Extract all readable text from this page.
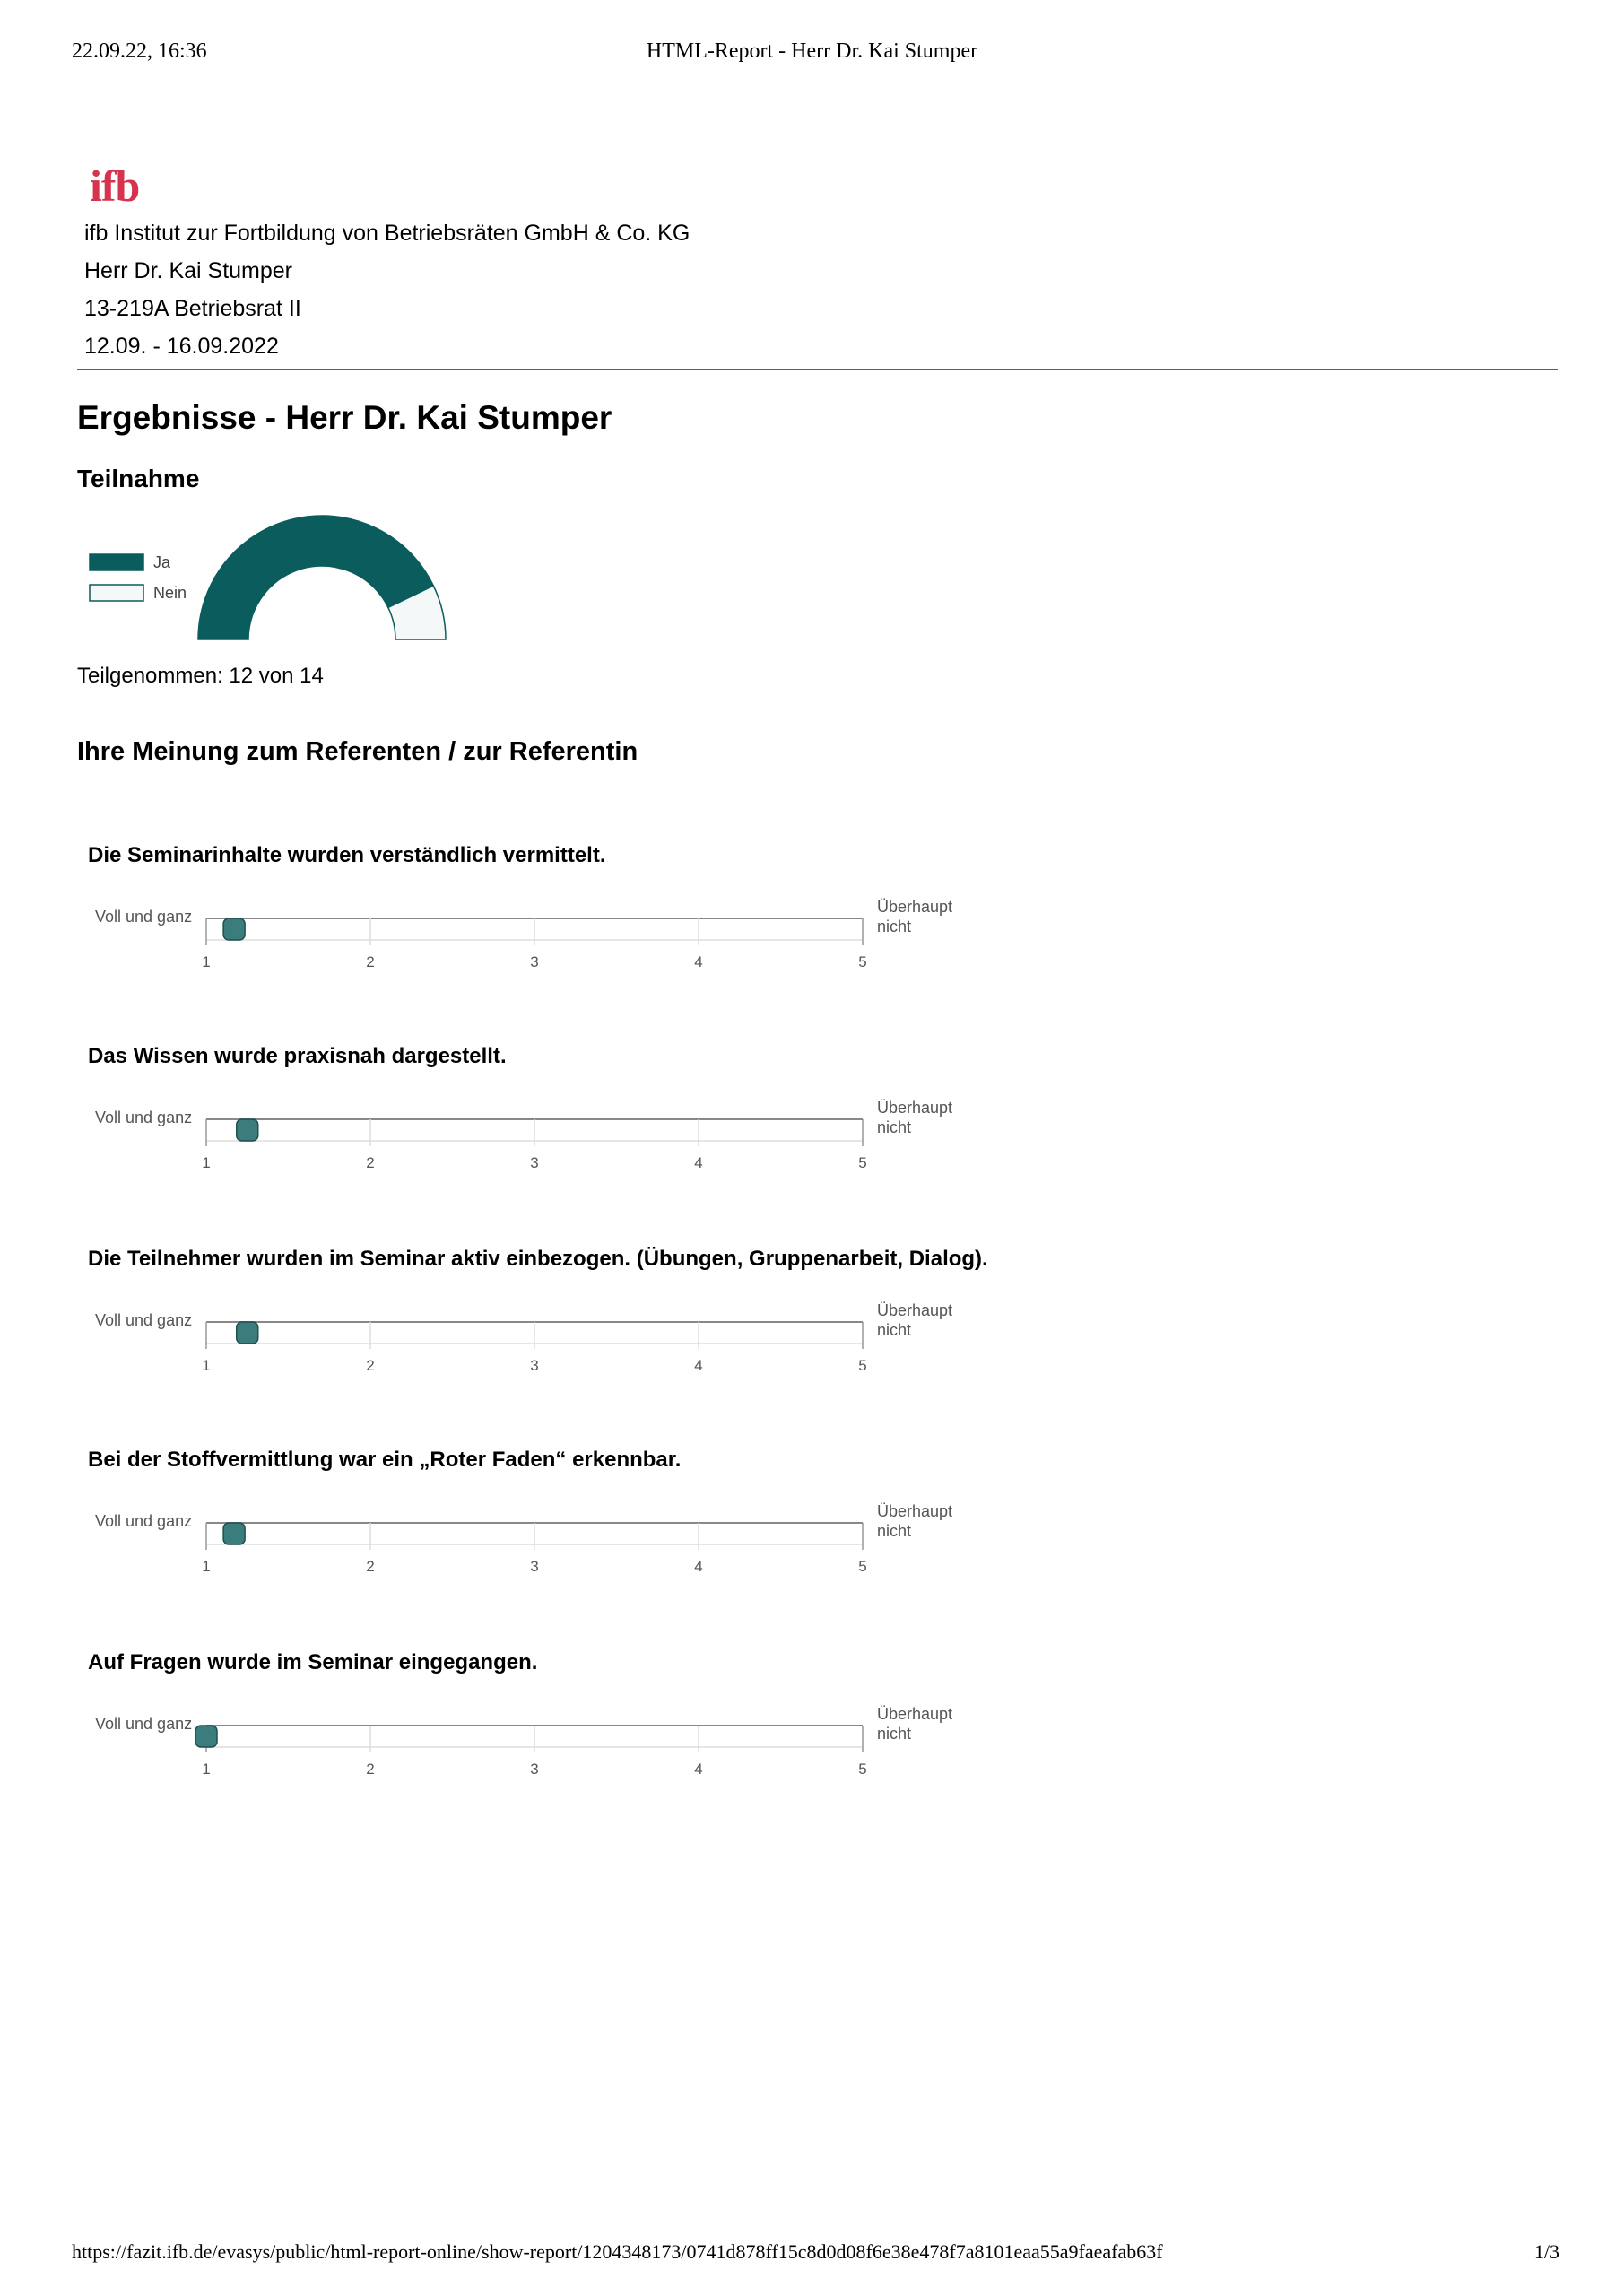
22.09.22, 16:36	HTML-Report - Herr Dr. Kai Stumper
ifb
ifb Institut zur Fortbildung von Betriebsräten GmbH & Co. KG
Herr Dr. Kai Stumper
13-219A Betriebsrat II
12.09. - 16.09.2022
Ergebnisse - Herr Dr. Kai Stumper
Teilnahme
Ja
Nein
Teilgenommen: 12 von 14
Ihre Meinung zum Referenten / zur Referentin
Die Seminarinhalte wurden verständlich vermittelt.
Voll und ganz
Überhaupt
nicht
1	2	3	4	5
Das Wissen wurde praxisnah dargestellt.
Voll und ganz
Überhaupt
nicht
1	2	3	4	5
Die Teilnehmer wurden im Seminar aktiv einbezogen. (Übungen, Gruppenarbeit, Dialog).
Voll und ganz
Überhaupt
nicht
1	2	3	4	5
Bei der Stoffvermittlung war ein „Roter Faden“ erkennbar.
Voll und ganz
Überhaupt
nicht
1	2	3	4	5
Auf Fragen wurde im Seminar eingegangen.
Voll und ganz
Überhaupt
nicht
1	2	3	4	5
https://fazit.ifb.de/evasys/public/html-report-online/show-report/1204348173/0741d878ff15c8d0d08f6e38e478f7a8101eaa55a9faeafab63f	1/3
